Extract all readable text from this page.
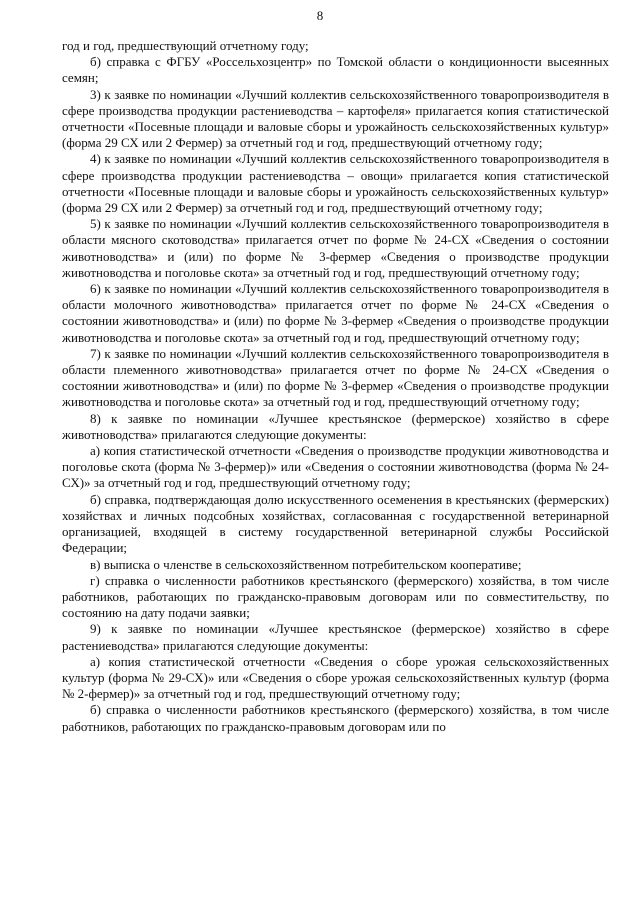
8

год и год, предшествующий отчетному году;

б) справка с ФГБУ «Россельхозцентр» по Томской области о кондиционности высеянных семян;

3) к заявке по номинации «Лучший коллектив сельскохозяйственного товаропроизводителя в сфере производства продукции растениеводства – картофеля» прилагается копия статистической отчетности «Посевные площади и валовые сборы и урожайность сельскохозяйственных культур» (форма 29 СХ или 2 Фермер) за отчетный год и год, предшествующий отчетному году;

4) к заявке по номинации «Лучший коллектив сельскохозяйственного товаропроизводителя в сфере производства продукции растениеводства – овощи» прилагается копия статистической отчетности «Посевные площади и валовые сборы и урожайность сельскохозяйственных культур» (форма 29 СХ или 2 Фермер) за отчетный год и год, предшествующий отчетному году;

5) к заявке по номинации «Лучший коллектив сельскохозяйственного товаропроизводителя в области мясного скотоводства» прилагается отчет по форме № 24-СХ «Сведения о состоянии животноводства» и (или) по форме № 3-фермер «Сведения о производстве продукции животноводства и поголовье скота» за отчетный год и год, предшествующий отчетному году;

6) к заявке по номинации «Лучший коллектив сельскохозяйственного товаропроизводителя в области молочного животноводства» прилагается отчет по форме № 24-СХ «Сведения о состоянии животноводства» и (или) по форме № 3-фермер «Сведения о производстве продукции животноводства и поголовье скота» за отчетный год и год, предшествующий отчетному году;

7) к заявке по номинации «Лучший коллектив сельскохозяйственного товаропроизводителя в области племенного животноводства» прилагается отчет по форме № 24-СХ «Сведения о состоянии животноводства» и (или) по форме № 3-фермер «Сведения о производстве продукции животноводства и поголовье скота» за отчетный год и год, предшествующий отчетному году;

8) к заявке по номинации «Лучшее крестьянское (фермерское) хозяйство в сфере животноводства» прилагаются следующие документы:

а) копия статистической отчетности «Сведения о производстве продукции животноводства и поголовье скота (форма № 3-фермер)» или «Сведения о состоянии животноводства (форма № 24-СХ)» за отчетный год и год, предшествующий отчетному году;

б) справка, подтверждающая долю искусственного осеменения в крестьянских (фермерских) хозяйствах и личных подсобных хозяйствах, согласованная с государственной ветеринарной организацией, входящей в систему государственной ветеринарной службы Российской Федерации;

в) выписка о членстве в сельскохозяйственном потребительском кооперативе;

г) справка о численности работников крестьянского (фермерского) хозяйства, в том числе работников, работающих по гражданско-правовым договорам или по совместительству, по состоянию на дату подачи заявки;

9) к заявке по номинации «Лучшее крестьянское (фермерское) хозяйство в сфере растениеводства» прилагаются следующие документы:

а) копия статистической отчетности «Сведения о сборе урожая сельскохозяйственных культур (форма № 29-СХ)» или «Сведения о сборе урожая сельскохозяйственных культур (форма № 2-фермер)» за отчетный год и год, предшествующий отчетному году;

б) справка о численности работников крестьянского (фермерского) хозяйства, в том числе работников, работающих по гражданско-правовым договорам или по
